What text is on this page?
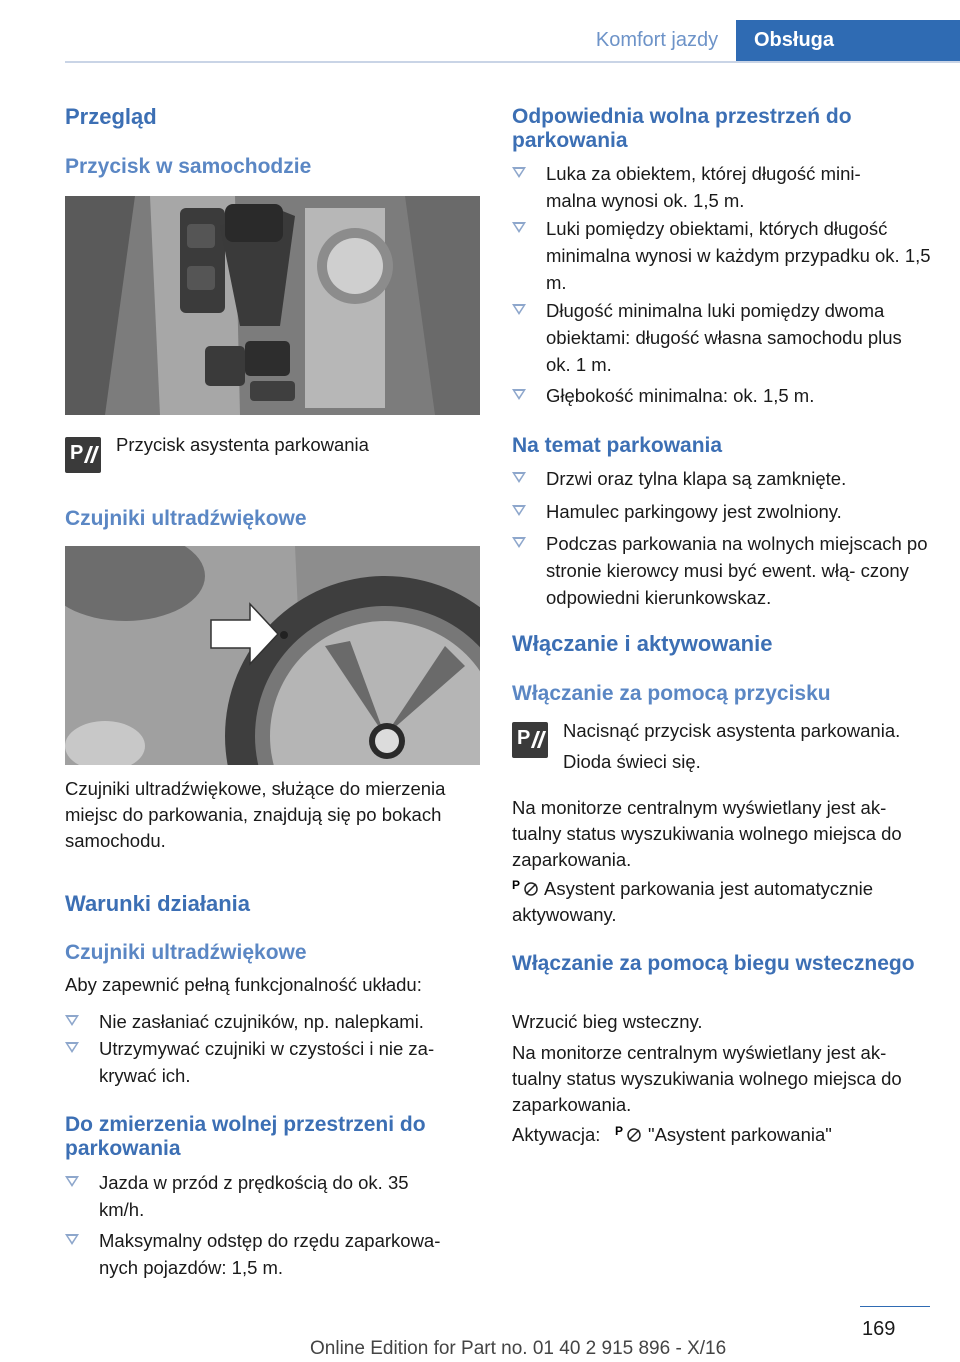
Komfort jazdy	Obsługa
Przegląd
Przycisk w samochodzie
P Przycisk asystenta parkowania
Czujniki ultradźwiękowe
Czujniki ultradźwiękowe, służące do mierzenia miejsc do parkowania, znajdują się po bokach samochodu.
Warunki działania
Czujniki ultradźwiękowe
Aby zapewnić pełną funkcjonalność układu:
Nie zasłaniać czujników, np. nalepkami.
Utrzymywać czujniki w czystości i nie za‐ krywać ich.
Do zmierzenia wolnej przestrzeni do parkowania
Jazda w przód z prędkością do ok. 35 km/h.
Maksymalny odstęp do rzędu zaparkowa‐ nych pojazdów: 1,5 m.
Odpowiednia wolna przestrzeń do parkowania
Luka za obiektem, której długość mini‐ malna wynosi ok. 1,5 m.
Luki pomiędzy obiektami, których długość minimalna wynosi w każdym przypadku ok. 1,5 m.
Długość minimalna luki pomiędzy dwoma obiektami: długość własna samochodu plus ok. 1 m.
Głębokość minimalna: ok. 1,5 m.
Na temat parkowania
Drzwi oraz tylna klapa są zamknięte.
Hamulec parkingowy jest zwolniony.
Podczas parkowania na wolnych miejscach po stronie kierowcy musi być ewent. włą‐ czony odpowiedni kierunkowskaz.
Włączanie i aktywowanie
Włączanie za pomocą przycisku
P Nacisnąć przycisk asystenta parkowania.
Dioda świeci się.
Na monitorze centralnym wyświetlany jest ak‐ tualny status wyszukiwania wolnego miejsca do zaparkowania.
P	Asystent parkowania jest automatycznie aktywowany.
Włączanie za pomocą biegu wstecznego
Wrzucić bieg wsteczny.
Na monitorze centralnym wyświetlany jest ak‐ tualny status wyszukiwania wolnego miejsca do zaparkowania.
Aktywacja: P "Asystent parkowania"
169
Online Edition for Part no. 01 40 2 915 896 - X/16
